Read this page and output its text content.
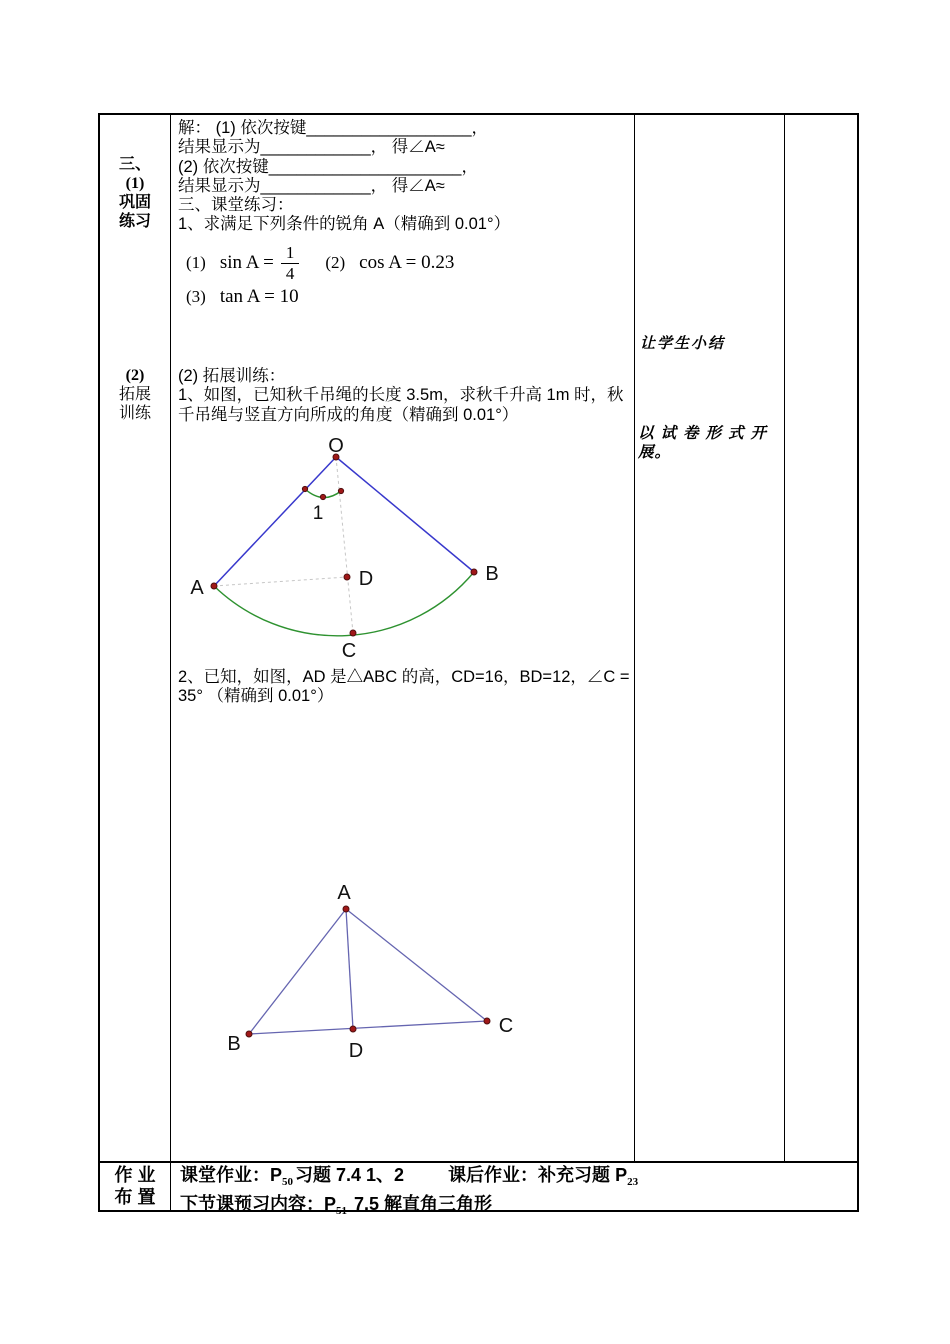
三、
(1)
巩固
练习
(2)
拓展
训练
解： (1) 依次按键__________________，
结果显示为____________， 得∠A≈
(2) 依次按键_____________________，
结果显示为____________， 得∠A≈
三、课堂练习：
1、求满足下列条件的锐角 A（精确到 0.01°）
(1) $\sin A = \frac{1}{4} (2)$ cos A = 0.23
(3) tan A = 10
(2) 拓展训练：
1、如图，已知秋千吊绳的长度 3.5m，求秋千升高 1m 时，秋
千吊绳与竖直方向所成的角度（精确到 0.01°）
O
A
B
C
D
1
2、已知，如图，AD 是△ABC 的高，CD=16，BD=12，∠C =
35° （精确到 0.01°）
A
B
C
D
让学生小结
以试卷形式开
展。
作 业
布 置
课堂作业：$P_{50}$ 习题 7.4 1、2 课后作业：补充习题 $P_{23}$
下节课预习内容：$P_{51}$ 7.5 解直角三角形
